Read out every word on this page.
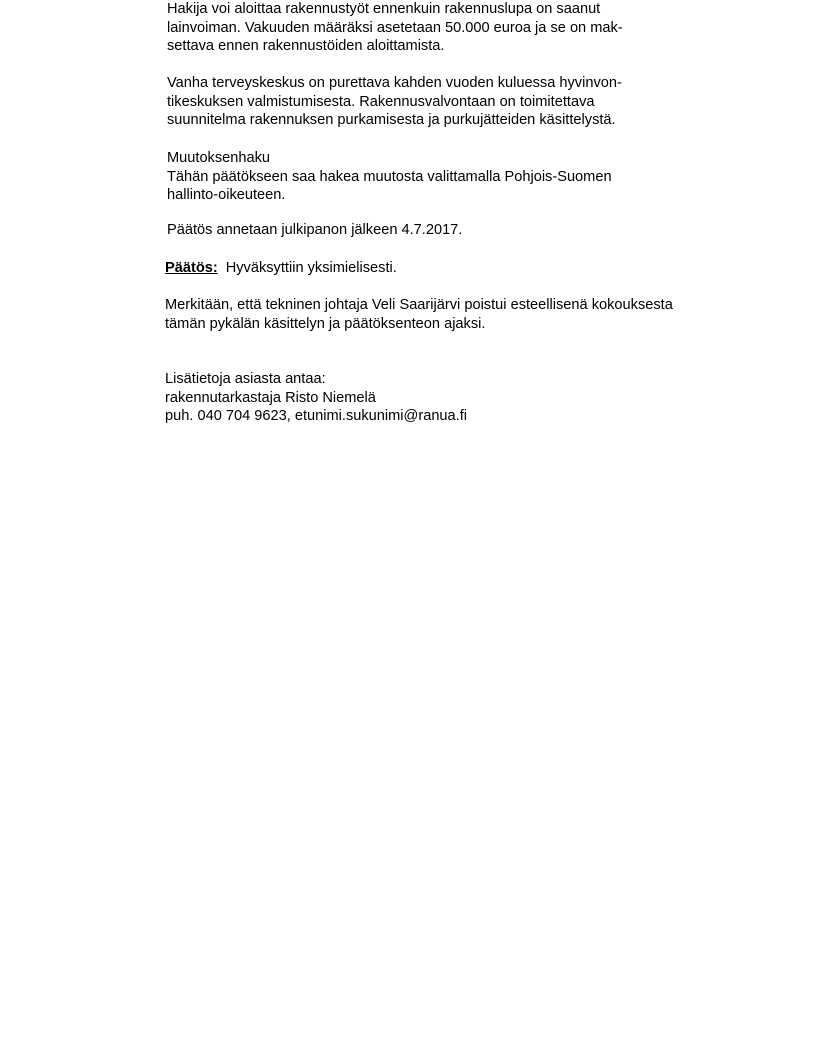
Hakija voi aloittaa rakennustyöt ennenkuin rakennuslupa on saanut
lainvoiman. Vakuuden määräksi asetetaan 50.000 euroa ja se on mak-
settava ennen rakennustöiden aloittamista.

Vanha terveyskeskus on purettava kahden vuoden kuluessa hyvinvon-
tikeskuksen valmistumisesta. Rakennusvalvontaan on toimitettava
suunnitelma rakennuksen purkamisesta ja purkujätteiden käsittelystä.

Muutoksenhaku
Tähän päätökseen saa hakea muutosta valittamalla Pohjois-Suomen
hallinto-oikeuteen.

Päätös annetaan julkipanon jälkeen 4.7.2017.

Päätös: Hyväksyttiin yksimielisesti.

Merkitään, että tekninen johtaja Veli Saarijärvi poistui esteellisenä kokouksesta
tämän pykälän käsittelyn ja päätöksenteon ajaksi.

Lisätietoja asiasta antaa:
rakennutarkastaja Risto Niemelä
puh. 040 704 9623, etunimi.sukunimi@ranua.fi
